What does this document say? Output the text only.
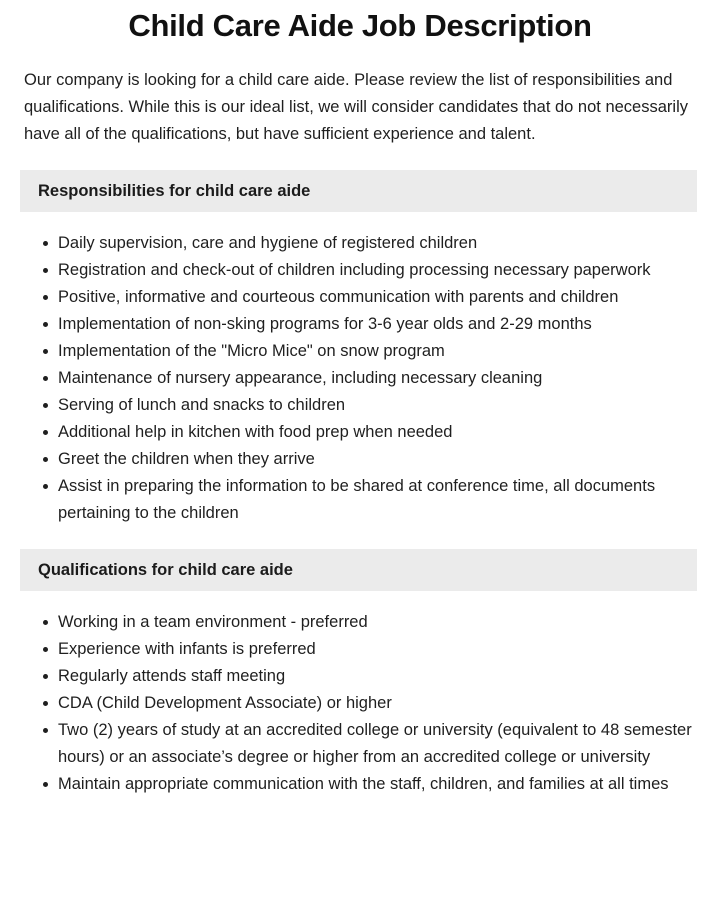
Child Care Aide Job Description

Our company is looking for a child care aide. Please review the list of responsibilities and qualifications. While this is our ideal list, we will consider candidates that do not necessarily have all of the qualifications, but have sufficient experience and talent.

Responsibilities for child care aide
Daily supervision, care and hygiene of registered children
Registration and check-out of children including processing necessary paperwork
Positive, informative and courteous communication with parents and children
Implementation of non-sking programs for 3-6 year olds and 2-29 months
Implementation of the "Micro Mice" on snow program
Maintenance of nursery appearance, including necessary cleaning
Serving of lunch and snacks to children
Additional help in kitchen with food prep when needed
Greet the children when they arrive
Assist in preparing the information to be shared at conference time, all documents pertaining to the children
Qualifications for child care aide
Working in a team environment - preferred
Experience with infants is preferred
Regularly attends staff meeting
CDA (Child Development Associate) or higher
Two (2) years of study at an accredited college or university (equivalent to 48 semester hours) or an associate’s degree or higher from an accredited college or university
Maintain appropriate communication with the staff, children, and families at all times
